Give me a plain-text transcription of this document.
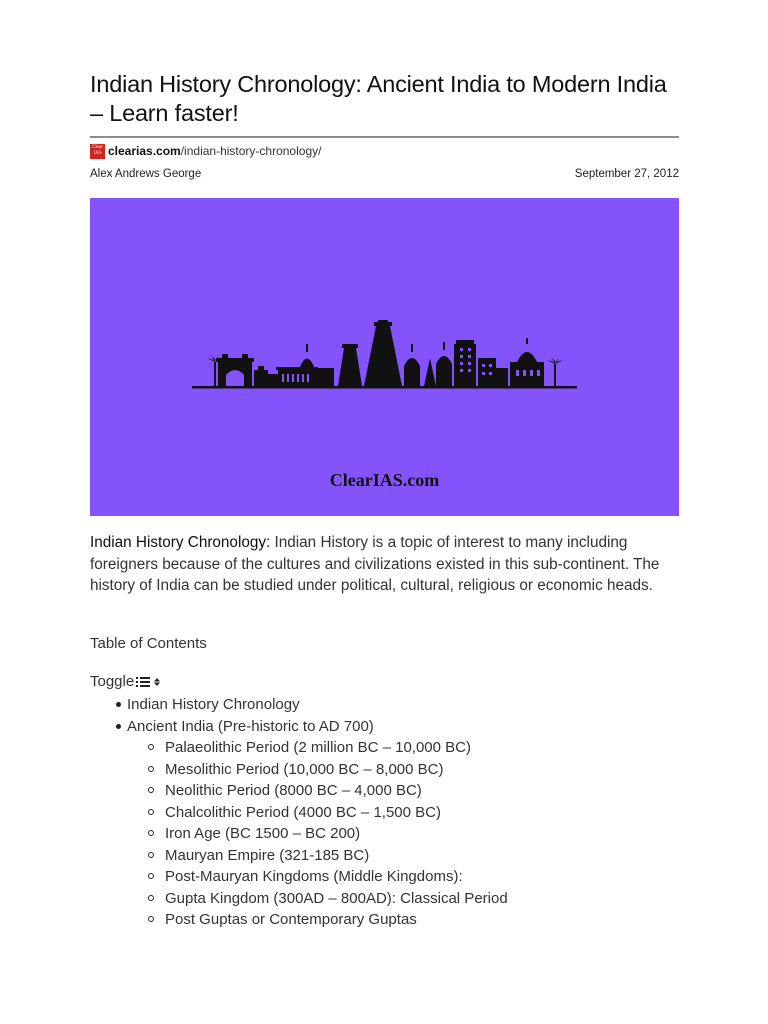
Indian History Chronology: Ancient India to Modern India – Learn faster!
Clear
IAS clearias.com /indian-history-chronology/
Alex Andrews George	September 27, 2012
ClearIAS.com

Indian History Chronology: Indian History is a topic of interest to many including foreigners because of the cultures and civilizations existed in this sub-continent. The history of India can be studied under political, cultural, religious or economic heads.

Table of Contents
Toggle
Indian History Chronology
Ancient India (Pre-historic to AD 700)
Palaeolithic Period (2 million BC – 10,000 BC)
Mesolithic Period (10,000 BC – 8,000 BC)
Neolithic Period (8000 BC – 4,000 BC)
Chalcolithic Period (4000 BC – 1,500 BC)
Iron Age (BC 1500 – BC 200)
Mauryan Empire (321-185 BC)
Post-Mauryan Kingdoms (Middle Kingdoms):
Gupta Kingdom (300AD – 800AD): Classical Period
Post Guptas or Contemporary Guptas
